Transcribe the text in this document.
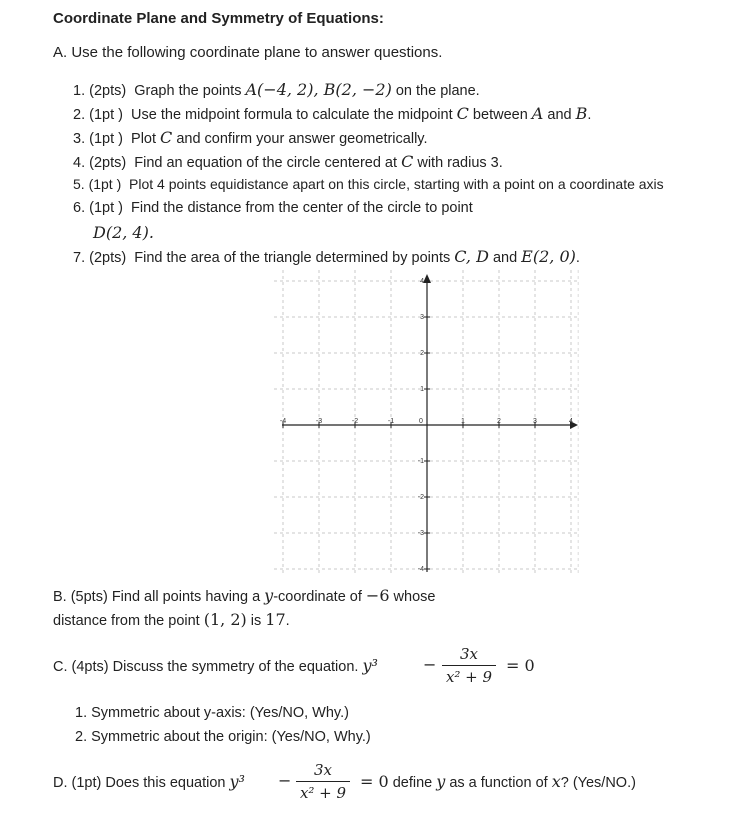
Coordinate Plane and Symmetry of Equations:
A. Use the following coordinate plane to answer questions.
1. (2pts) Graph the points A(−4, 2), B(2, −2) on the plane.
2. (1pt ) Use the midpoint formula to calculate the midpoint C between A and B.
3. (1pt ) Plot C and confirm your answer geometrically.
4. (2pts) Find an equation of the circle centered at C with radius 3.
5. (1pt ) Plot 4 points equidistance apart on this circle, starting with a point on a coordinate axis
6. (1pt ) Find the distance from the center of the circle to point
D(2, 4).
7. (2pts) Find the area of the triangle determined by points C, D and E(2, 0).
-4	-3	-2	-1	0	1	2	3	4
4
3
2
1
-1
-2
-3
-4
B. (5pts) Find all points having a y-coordinate of −6 whose
distance from the point (1, 2) is 17.
C. (4pts) Discuss the symmetry of the equation. y³	−
3x
x² + 9
= 0
1. Symmetric about y-axis: (Yes/NO, Why.)
2. Symmetric about the origin: (Yes/NO, Why.)
D. (1pt) Does this equation y³ −
3x
x² + 9
= 0 define y as a function of x? (Yes/NO.)
